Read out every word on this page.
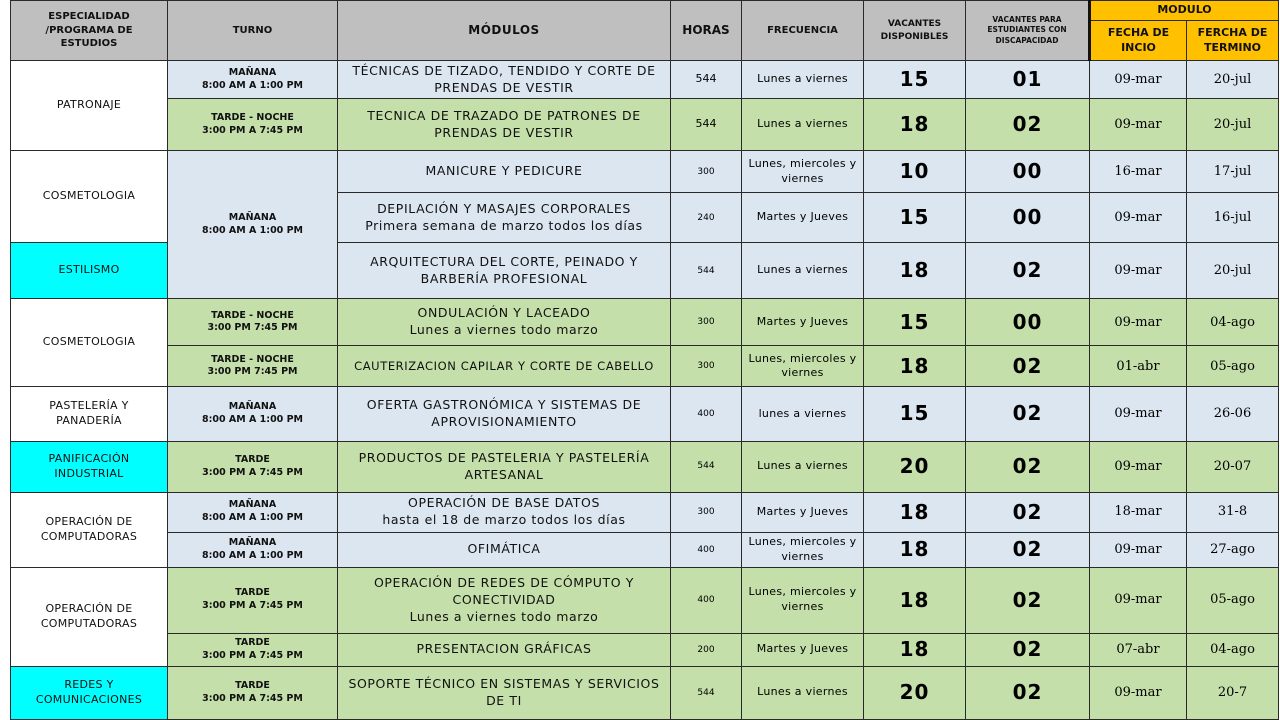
ESPECIALIDAD
/PROGRAMA DE
ESTUDIOS	TURNO	MÓDULOS	HORAS	FRECUENCIA	VACANTES
DISPONIBLES	VACANTES PARA
ESTUDIANTES CON
DISCAPACIDAD	MODULO	

							FECHA DE
INCIO	FERCHA DE
TERMINO

PATRONAJE	MAÑANA
8:00 AM A 1:00 PM	TÉCNICAS DE TIZADO, TENDIDO Y CORTE DE
PRENDAS DE VESTIR	544	Lunes a viernes	15	01	09-mar	20-jul

	TARDE - NOCHE
3:00 PM A 7:45 PM	TECNICA DE TRAZADO DE PATRONES DE
PRENDAS DE VESTIR	544	Lunes a viernes	18	02	09-mar	20-jul
COSMETOLOGIA	MAÑANA
8:00 AM A 1:00 PM	MANICURE Y PEDICURE	300	Lunes, miercoles y
viernes	10	00	16-mar	17-jul

		DEPILACIÓN Y MASAJES CORPORALES
Primera semana de marzo todos los días	240	Martes y Jueves	15	00	09-mar	16-jul
ESTILISMO		ARQUITECTURA DEL CORTE, PEINADO Y
BARBERÍA PROFESIONAL	544	Lunes a viernes	18	02	09-mar	20-jul
COSMETOLOGIA	TARDE - NOCHE
3:00 PM 7:45 PM	ONDULACIÓN Y LACEADO
Lunes a viernes todo marzo	300	Martes y Jueves	15	00	09-mar	04-ago

	TARDE - NOCHE
3:00 PM 7:45 PM	CAUTERIZACION CAPILAR Y CORTE DE CABELLO	300	Lunes, miercoles y
viernes	18	02	01-abr	05-ago

PASTELERÍA Y
PANADERÍA	MAÑANA
8:00 AM A 1:00 PM	OFERTA GASTRONÓMICA Y SISTEMAS DE
APROVISIONAMIENTO	400	lunes a viernes	15	02	09-mar	26-06

PANIFICACIÓN
INDUSTRIAL	TARDE
3:00 PM A 7:45 PM	PRODUCTOS DE PASTELERIA Y PASTELERÍA
ARTESANAL	544	Lunes a viernes	20	02	09-mar	20-07

OPERACIÓN DE
COMPUTADORAS	MAÑANA
8:00 AM A 1:00 PM	OPERACIÓN DE BASE DATOS
hasta el 18 de marzo todos los días	300	Martes y Jueves	18	02	18-mar	31-8

	MAÑANA
8:00 AM A 1:00 PM	OFIMÁTICA	400	Lunes, miercoles y
viernes	18	02	09-mar	27-ago

OPERACIÓN DE
COMPUTADORAS	TARDE
3:00 PM A 7:45 PM	OPERACIÓN DE REDES DE CÓMPUTO Y
CONECTIVIDAD
Lunes a viernes todo marzo	400	Lunes, miercoles y
viernes	18	02	09-mar	05-ago

	TARDE
3:00 PM A 7:45 PM	PRESENTACION GRÁFICAS	200	Martes y Jueves	18	02	07-abr	04-ago

REDES Y
COMUNICACIONES	TARDE
3:00 PM A 7:45 PM	SOPORTE TÉCNICO EN SISTEMAS Y SERVICIOS
DE TI	544	Lunes a viernes	20	02	09-mar	20-7
